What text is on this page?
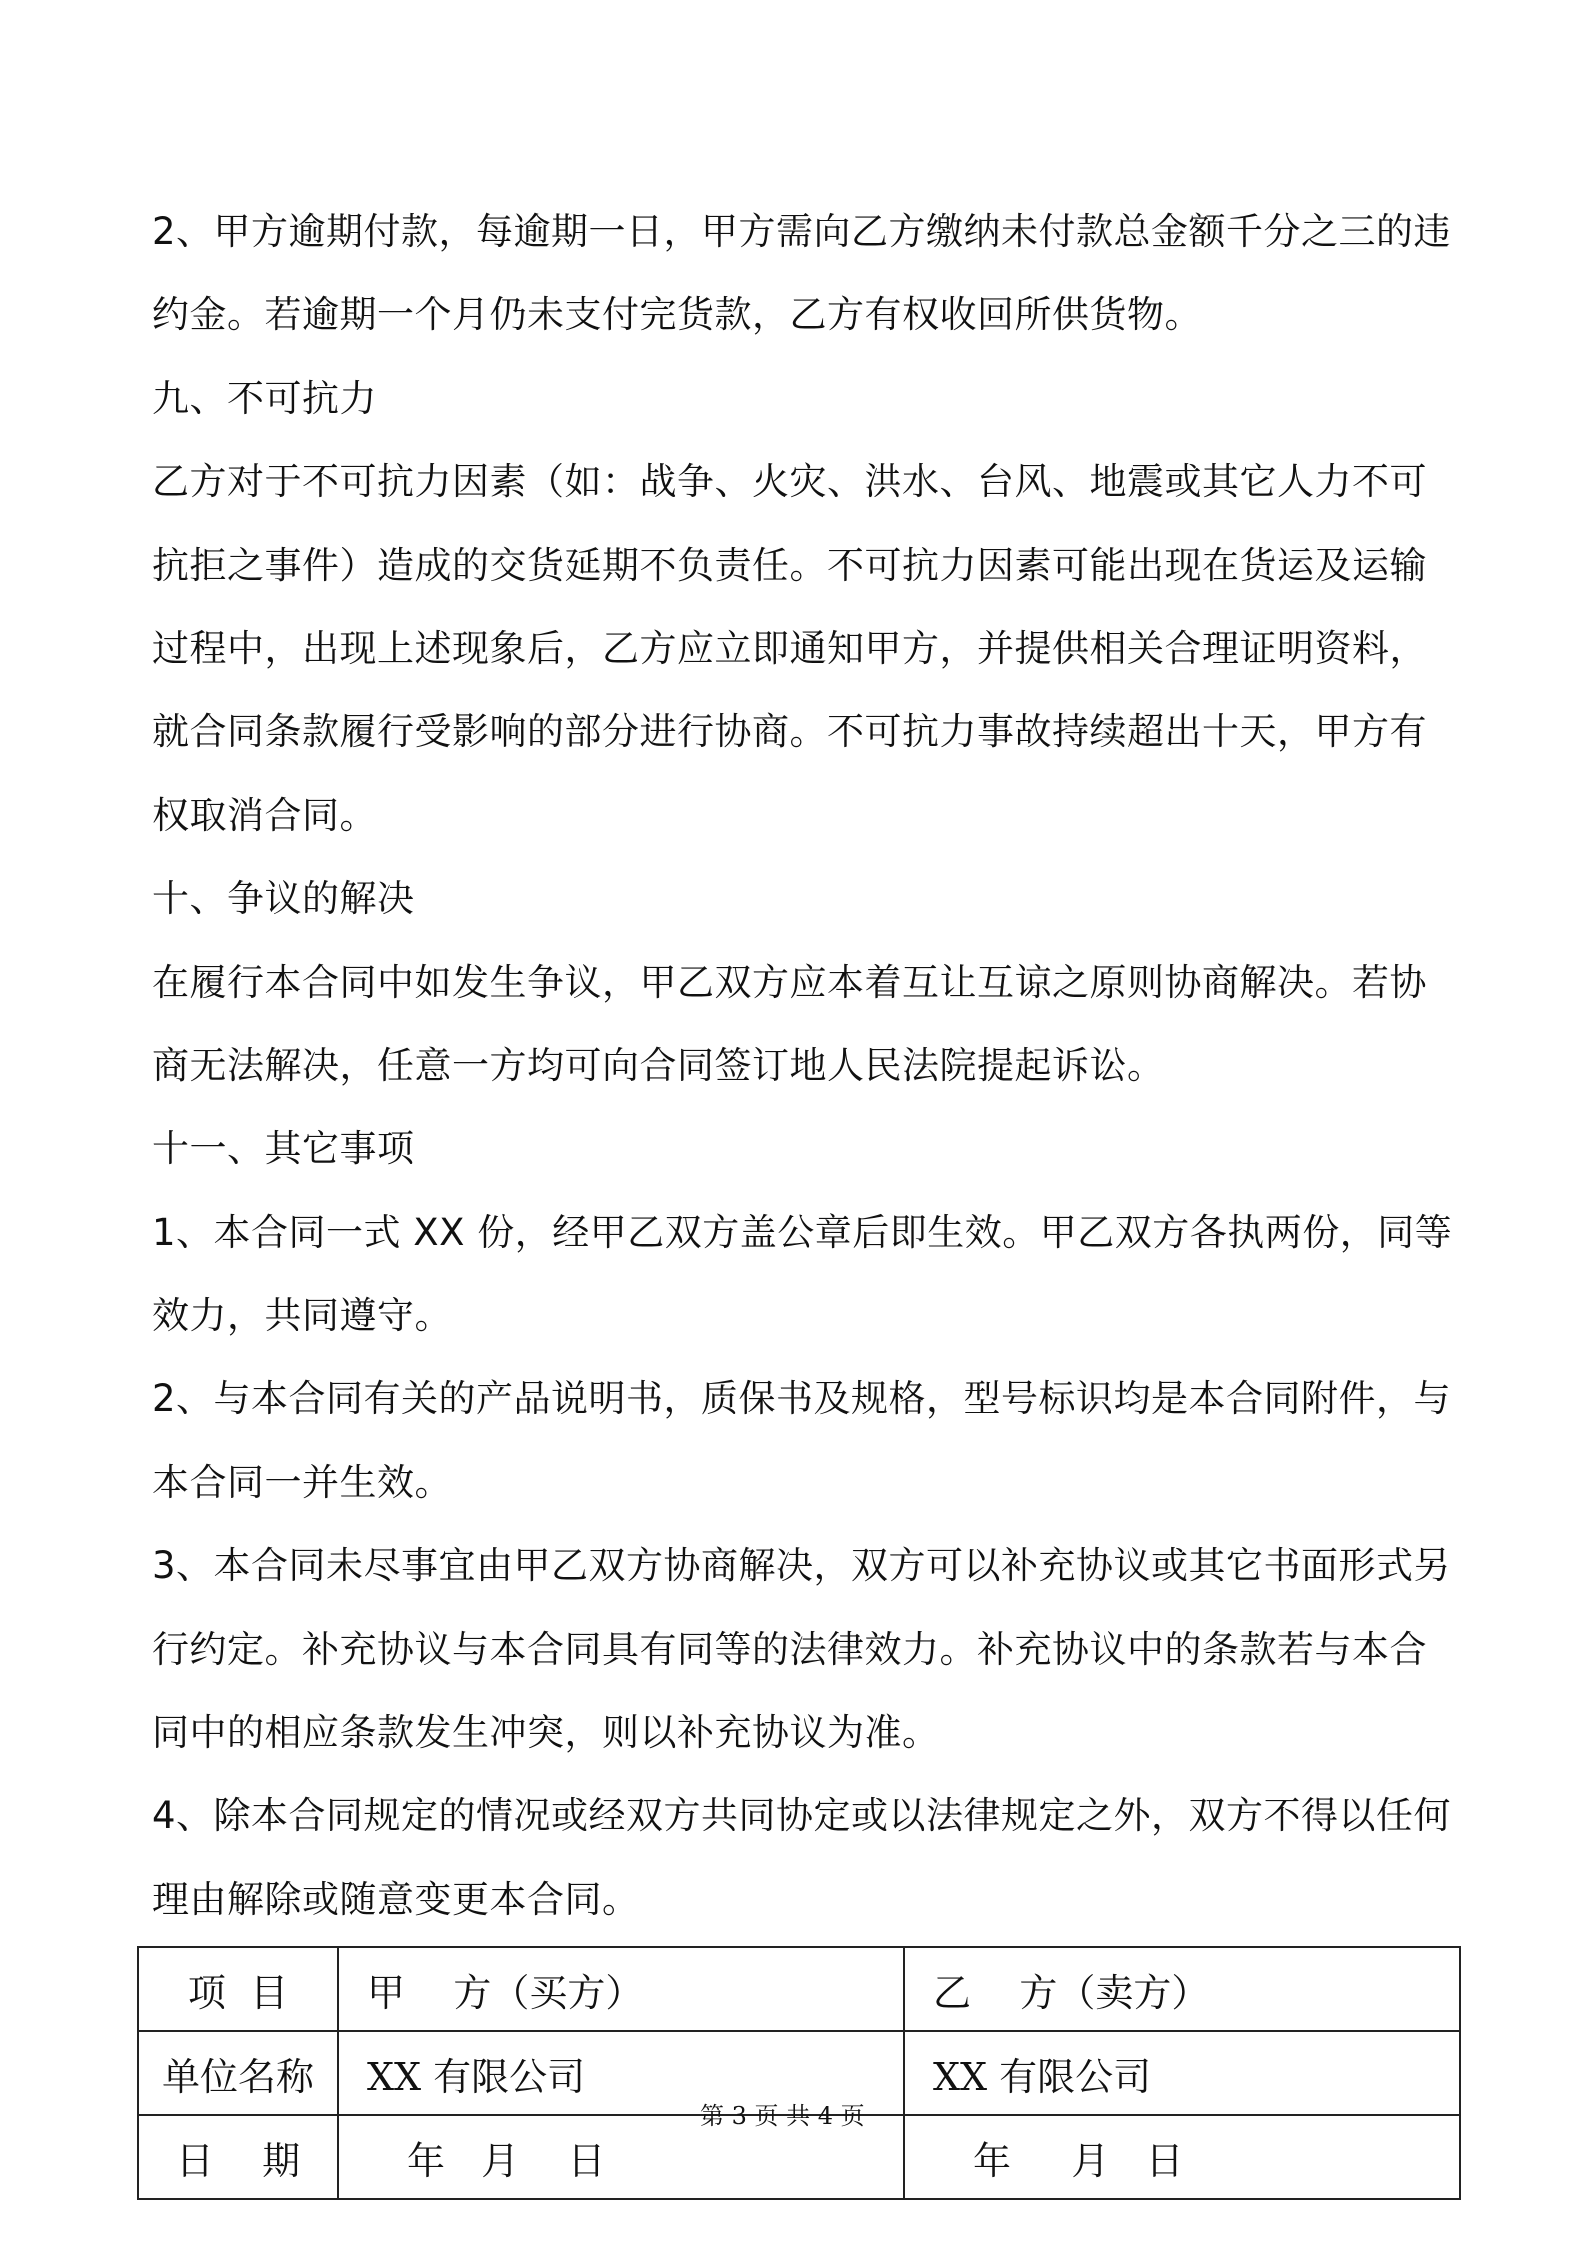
2、甲方逾期付款，每逾期一日，甲方需向乙方缴纳未付款总金额千分之三的违
约金。若逾期一个月仍未支付完货款，乙方有权收回所供货物。
九、不可抗力
乙方对于不可抗力因素（如：战争、火灾、洪水、台风、地震或其它人力不可
抗拒之事件）造成的交货延期不负责任。不可抗力因素可能出现在货运及运输
过程中，出现上述现象后，乙方应立即通知甲方，并提供相关合理证明资料，
就合同条款履行受影响的部分进行协商。不可抗力事故持续超出十天，甲方有
权取消合同。
十、争议的解决
在履行本合同中如发生争议，甲乙双方应本着互让互谅之原则协商解决。若协
商无法解决，任意一方均可向合同签订地人民法院提起诉讼。
十一、其它事项
1、本合同一式 XX 份，经甲乙双方盖公章后即生效。甲乙双方各执两份，同等
效力，共同遵守。
2、与本合同有关的产品说明书，质保书及规格，型号标识均是本合同附件，与
本合同一并生效。
3、本合同未尽事宜由甲乙双方协商解决，双方可以补充协议或其它书面形式另
行约定。补充协议与本合同具有同等的法律效力。补充协议中的条款若与本合
同中的相应条款发生冲突，则以补充协议为准。
4、除本合同规定的情况或经双方共同协定或以法律规定之外，双方不得以任何
理由解除或随意变更本合同。
项  目	甲    方（买方）	乙    方（卖方）
单位名称	XX 有限公司	XX 有限公司
日    期	年   月    日	年     月   日
第 3 页 共 4 页
